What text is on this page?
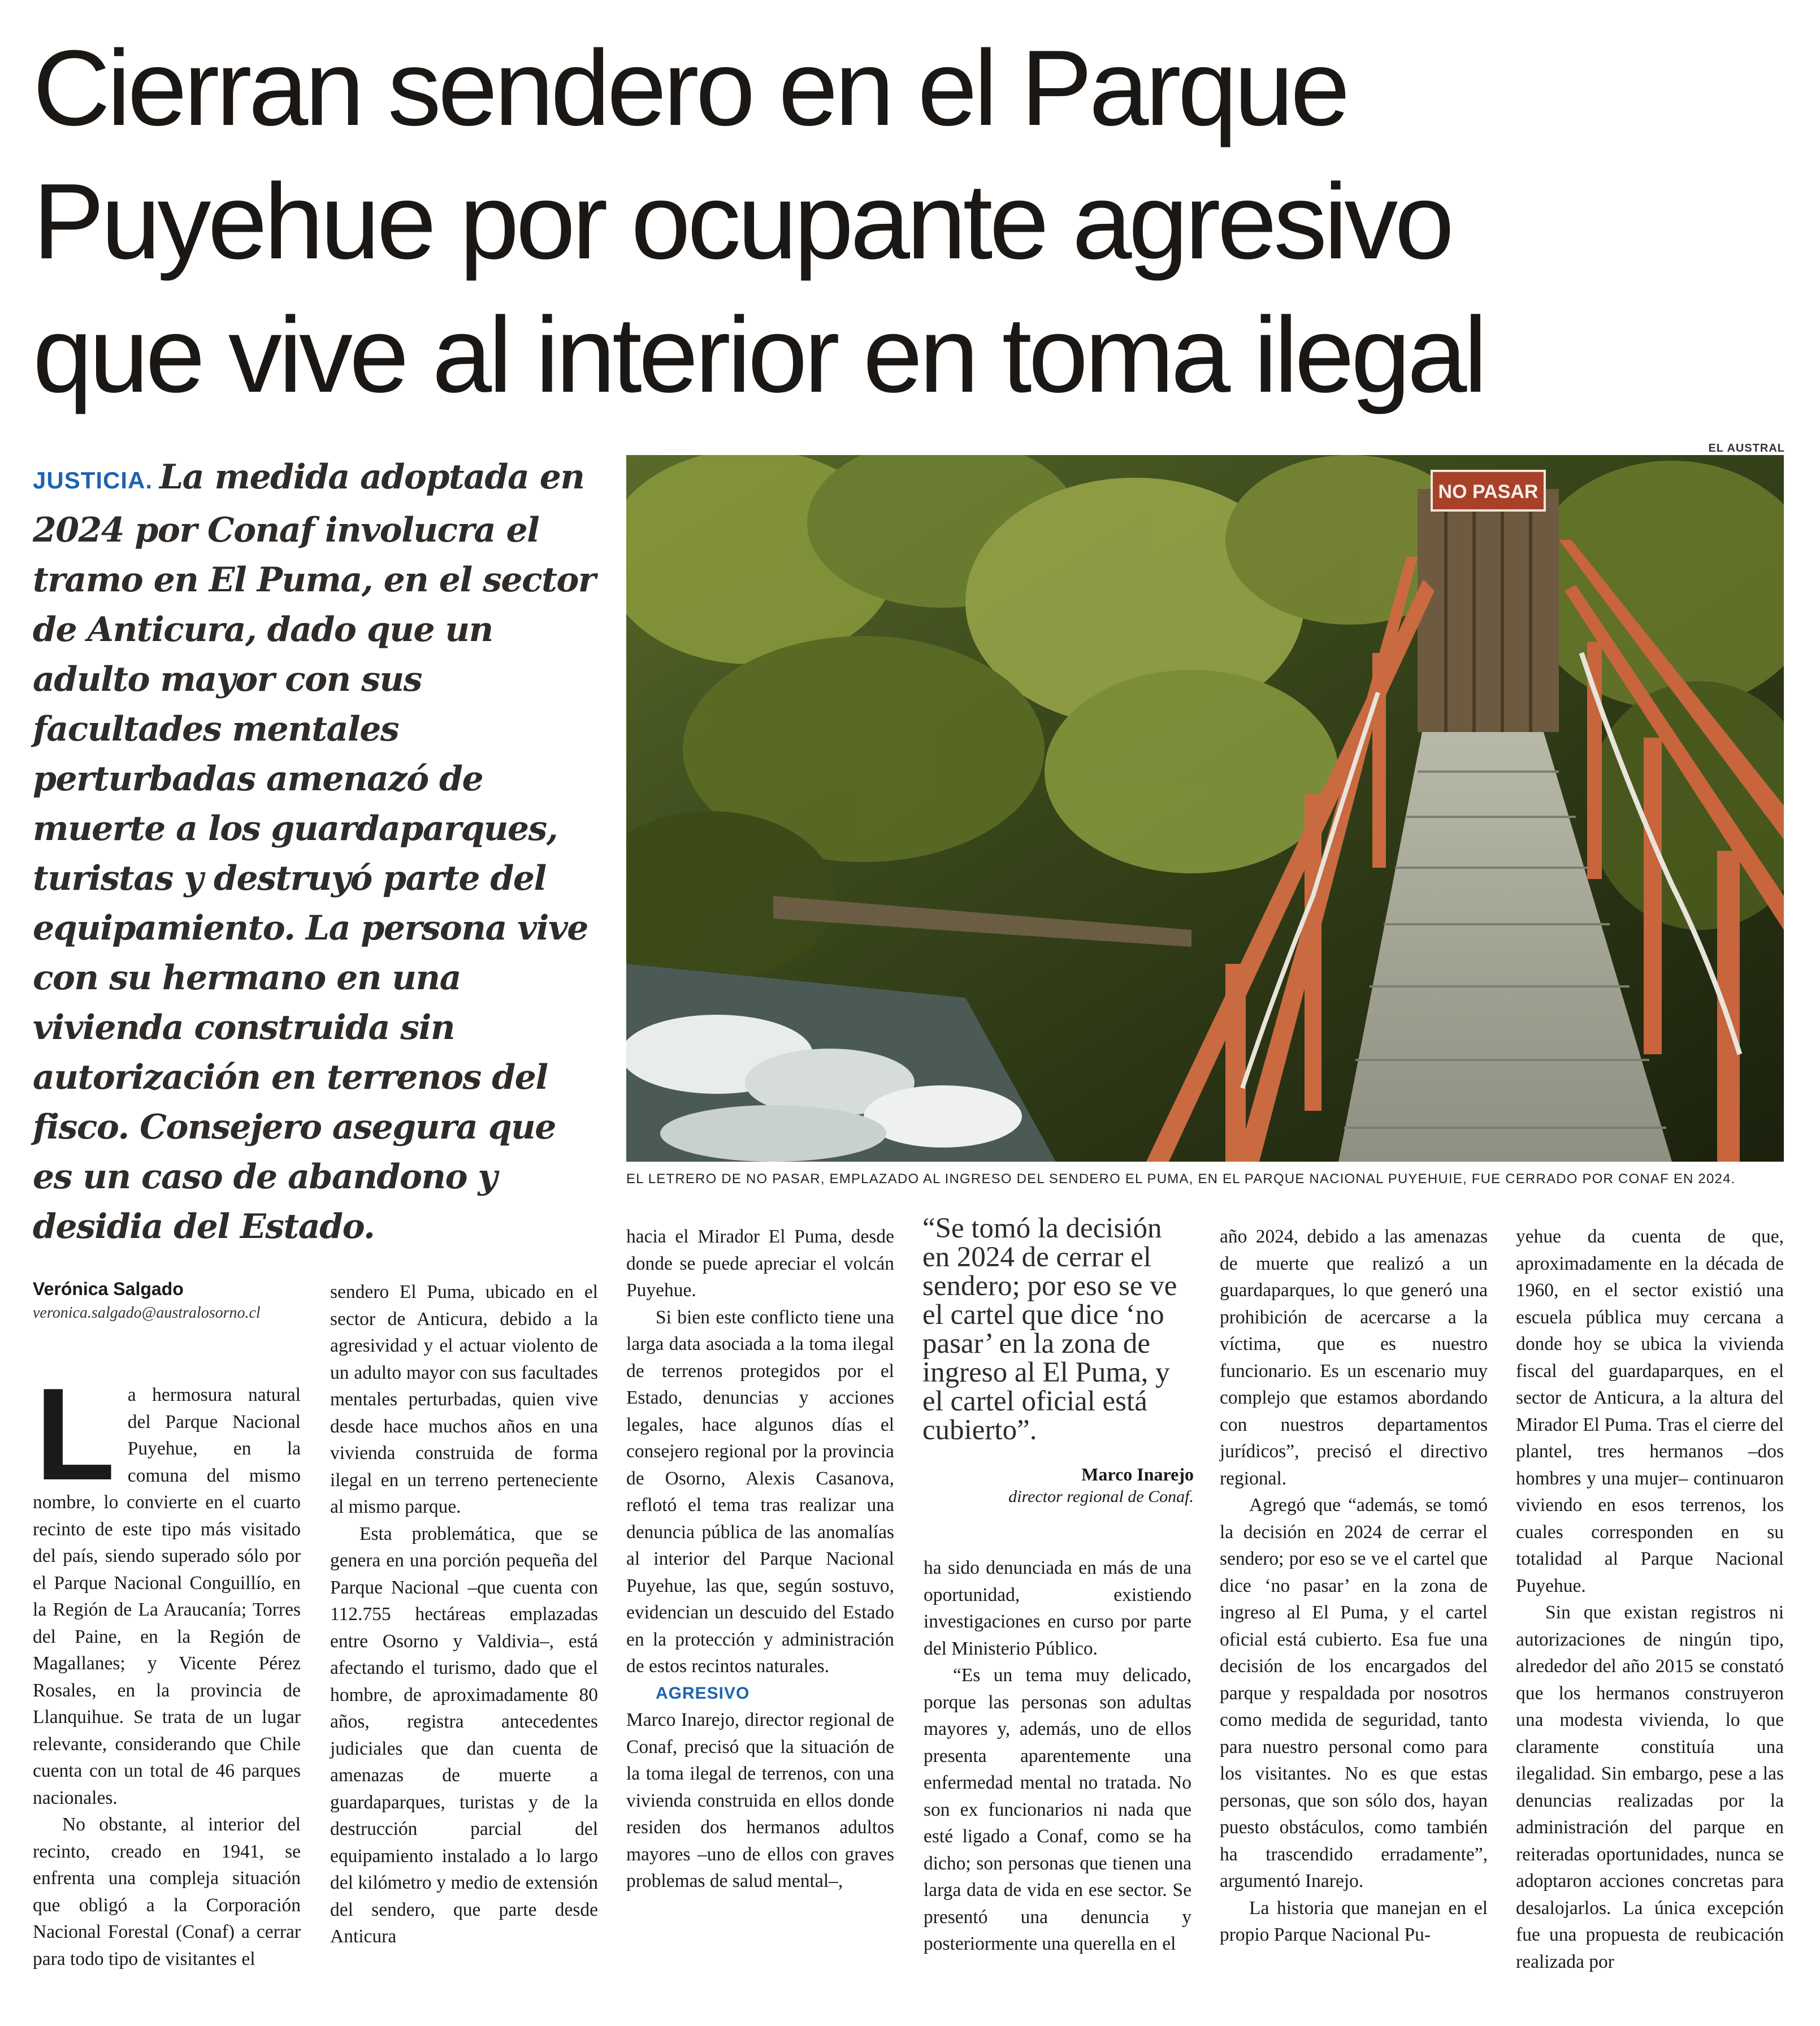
Cierran sendero en el Parque
Puyehue por ocupante agresivo
que vive al interior en toma ilegal
EL AUSTRAL
NO PASAR
EL LETRERO DE NO PASAR, EMPLAZADO AL INGRESO DEL SENDERO EL PUMA, EN EL PARQUE NACIONAL PUYEHUIE, FUE CERRADO POR CONAF EN 2024.

JUSTICIA. La medida adoptada en 2024 por Conaf involucra el tramo en El Puma, en el sector de Anticura, dado que un adulto mayor con sus facultades mentales perturbadas amenazó de muerte a los guardaparques, turistas y destruyó parte del equipamiento. La persona vive con su hermano en una vivienda construida sin autorización en terrenos del fisco. Consejero asegura que es un caso de abandono y desidia del Estado.

Verónica Salgado
veronica.salgado@australosorno.cl

La hermosura natural del Parque Nacional Puyehue, en la comuna del mismo nombre, lo convierte en el cuarto recinto de este tipo más visitado del país, siendo superado sólo por el Parque Nacional Conguillío, en la Región de La Araucanía; Torres del Paine, en la Región de Magallanes; y Vicente Pérez Rosales, en la provincia de Llanquihue. Se trata de un lugar relevante, considerando que Chile cuenta con un total de 46 parques nacionales.

No obstante, al interior del recinto, creado en 1941, se enfrenta una compleja situación que obligó a la Corporación Nacional Forestal (Conaf) a cerrar para todo tipo de visitantes el

sendero El Puma, ubicado en el sector de Anticura, debido a la agresividad y el actuar violento de un adulto mayor con sus facultades mentales perturbadas, quien vive desde hace muchos años en una vivienda construida de forma ilegal en un terreno perteneciente al mismo parque.

Esta problemática, que se genera en una porción pequeña del Parque Nacional –que cuenta con 112.755 hectáreas emplazadas entre Osorno y Valdivia–, está afectando el turismo, dado que el hombre, de aproximadamente 80 años, registra antecedentes judiciales que dan cuenta de amenazas de muerte a guardaparques, turistas y de la destrucción parcial del equipamiento instalado a lo largo del kilómetro y medio de extensión del sendero, que parte desde Anticura

hacia el Mirador El Puma, desde donde se puede apreciar el volcán Puyehue.

Si bien este conflicto tiene una larga data asociada a la toma ilegal de terrenos protegidos por el Estado, denuncias y acciones legales, hace algunos días el consejero regional por la provincia de Osorno, Alexis Casanova, reflotó el tema tras realizar una denuncia pública de las anomalías al interior del Parque Nacional Puyehue, las que, según sostuvo, evidencian un descuido del Estado en la protección y administración de estos recintos naturales.

AGRESIVO

Marco Inarejo, director regional de Conaf, precisó que la situación de la toma ilegal de terrenos, con una vivienda construida en ellos donde residen dos hermanos adultos mayores –uno de ellos con graves problemas de salud mental–,

“Se tomó la decisión en 2024 de cerrar el sendero; por eso se ve el cartel que dice ‘no pasar’ en la zona de ingreso al El Puma, y el cartel oficial está cubierto”.

Marco Inarejo
director regional de Conaf.

ha sido denunciada en más de una oportunidad, existiendo investigaciones en curso por parte del Ministerio Público.

“Es un tema muy delicado, porque las personas son adultas mayores y, además, uno de ellos presenta aparentemente una enfermedad mental no tratada. No son ex funcionarios ni nada que esté ligado a Conaf, como se ha dicho; son personas que tienen una larga data de vida en ese sector. Se presentó una denuncia y posteriormente una querella en el

año 2024, debido a las amenazas de muerte que realizó a un guardaparques, lo que generó una prohibición de acercarse a la víctima, que es nuestro funcionario. Es un escenario muy complejo que estamos abordando con nuestros departamentos jurídicos”, precisó el directivo regional.

Agregó que “además, se tomó la decisión en 2024 de cerrar el sendero; por eso se ve el cartel que dice ‘no pasar’ en la zona de ingreso al El Puma, y el cartel oficial está cubierto. Esa fue una decisión de los encargados del parque y respaldada por nosotros como medida de seguridad, tanto para nuestro personal como para los visitantes. No es que estas personas, que son sólo dos, hayan puesto obstáculos, como también ha trascendido erradamente”, argumentó Inarejo.

La historia que manejan en el propio Parque Nacional Pu-

yehue da cuenta de que, aproximadamente en la década de 1960, en el sector existió una escuela pública muy cercana a donde hoy se ubica la vivienda fiscal del guardaparques, en el sector de Anticura, a la altura del Mirador El Puma. Tras el cierre del plantel, tres hermanos –dos hombres y una mujer– continuaron viviendo en esos terrenos, los cuales corresponden en su totalidad al Parque Nacional Puyehue.

Sin que existan registros ni autorizaciones de ningún tipo, alrededor del año 2015 se constató que los hermanos construyeron una modesta vivienda, lo que claramente constituía una ilegalidad. Sin embargo, pese a las denuncias realizadas por la administración del parque en reiteradas oportunidades, nunca se adoptaron acciones concretas para desalojarlos. La única excepción fue una propuesta de reubicación realizada por
